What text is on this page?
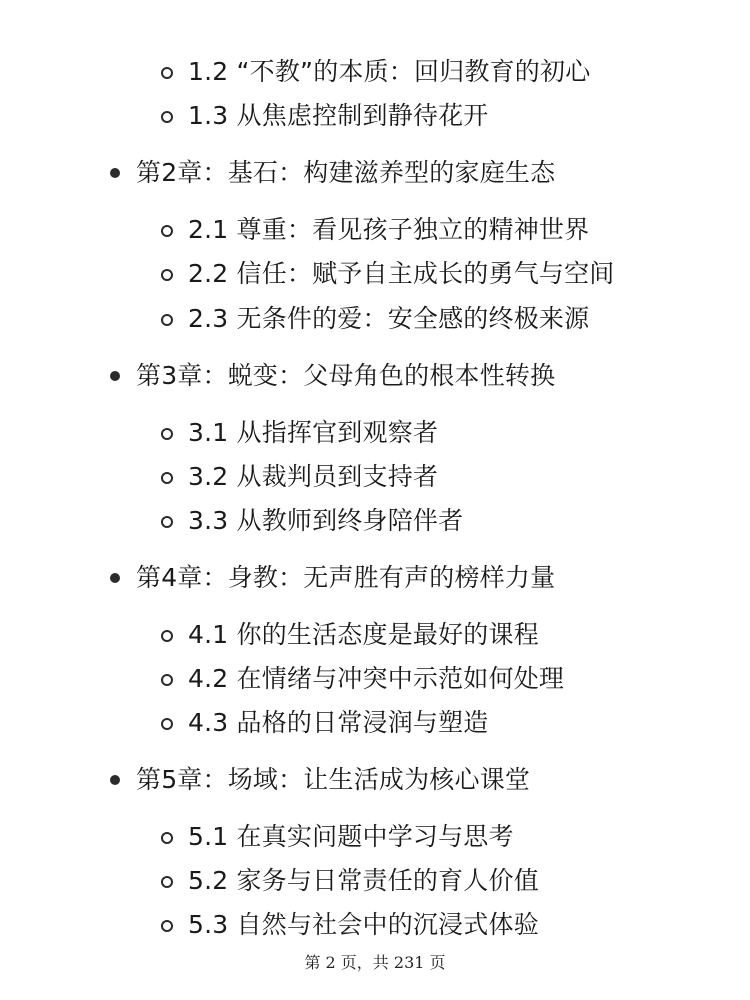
1.2 “不教”的本质：回归教育的初心
1.3 从焦虑控制到静待花开
第2章：基石：构建滋养型的家庭生态
2.1 尊重：看见孩子独立的精神世界
2.2 信任：赋予自主成长的勇气与空间
2.3 无条件的爱：安全感的终极来源
第3章：蜕变：父母角色的根本性转换
3.1 从指挥官到观察者
3.2 从裁判员到支持者
3.3 从教师到终身陪伴者
第4章：身教：无声胜有声的榜样力量
4.1 你的生活态度是最好的课程
4.2 在情绪与冲突中示范如何处理
4.3 品格的日常浸润与塑造
第5章：场域：让生活成为核心课堂
5.1 在真实问题中学习与思考
5.2 家务与日常责任的育人价值
5.3 自然与社会中的沉浸式体验
第 2 页，共 231 页
